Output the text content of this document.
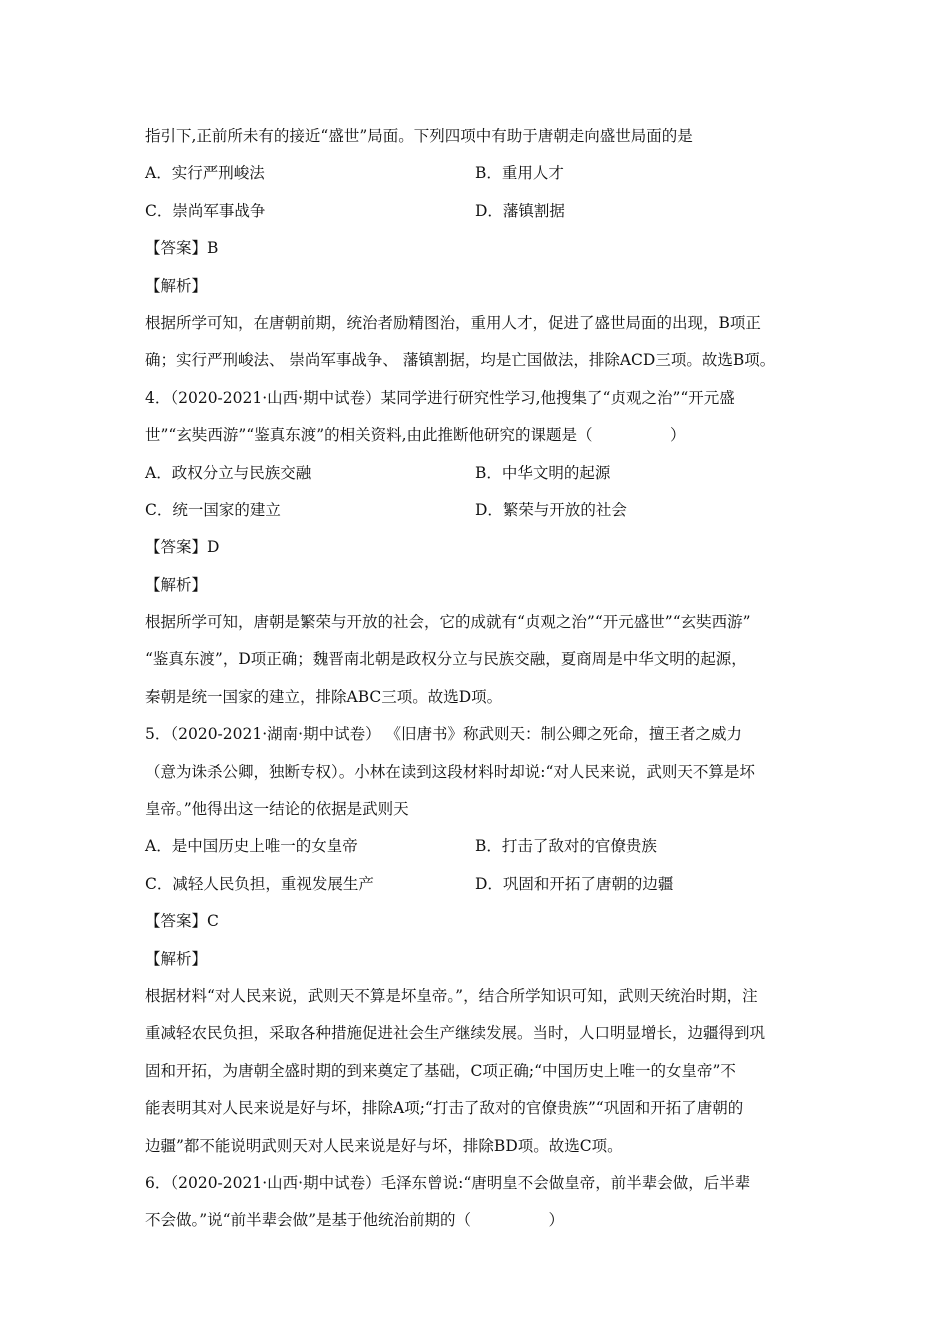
指引下,正前所未有的接近“盛世”局面。下列四项中有助于唐朝走向盛世局面的是
A．实行严刑峻法	B．重用人才
C．崇尚军事战争	D．藩镇割据
【答案】B
【解析】
根据所学可知，在唐朝前期，统治者励精图治，重用人才，促进了盛世局面的出现，B项正
确；实行严刑峻法、 崇尚军事战争、 藩镇割据，均是亡国做法，排除ACD三项。故选B项。
4．（2020-2021·山西·期中试卷）某同学进行研究性学习,他搜集了“贞观之治”“开元盛
世”“玄奘西游”“鉴真东渡”的相关资料,由此推断他研究的课题是（　　　　　）
A．政权分立与民族交融	B．中华文明的起源
C．统一国家的建立	D．繁荣与开放的社会
【答案】D
【解析】
根据所学可知，唐朝是繁荣与开放的社会，它的成就有“贞观之治”“开元盛世”“玄奘西游”
“鉴真东渡”，D项正确；魏晋南北朝是政权分立与民族交融，夏商周是中华文明的起源，
秦朝是统一国家的建立，排除ABC三项。故选D项。
5．（2020-2021·湖南·期中试卷） 《旧唐书》称武则天：制公卿之死命，擅王者之威力
（意为诛杀公卿，独断专权）。小林在读到这段材料时却说:“对人民来说，武则天不算是坏
皇帝。”他得出这一结论的依据是武则天
A．是中国历史上唯一的女皇帝	B．打击了敌对的官僚贵族
C．减轻人民负担，重视发展生产	D．巩固和开拓了唐朝的边疆
【答案】C
【解析】
根据材料“对人民来说，武则天不算是坏皇帝。”，结合所学知识可知，武则天统治时期，注
重减轻农民负担，采取各种措施促进社会生产继续发展。当时，人口明显增长，边疆得到巩
固和开拓，为唐朝全盛时期的到来奠定了基础，C项正确;“中国历史上唯一的女皇帝”不
能表明其对人民来说是好与坏，排除A项;“打击了敌对的官僚贵族”“巩固和开拓了唐朝的
边疆”都不能说明武则天对人民来说是好与坏，排除BD项。故选C项。
6．（2020-2021·山西·期中试卷）毛泽东曾说:“唐明皇不会做皇帝，前半辈会做，后半辈
不会做。”说“前半辈会做”是基于他统治前期的（　　　　　）
